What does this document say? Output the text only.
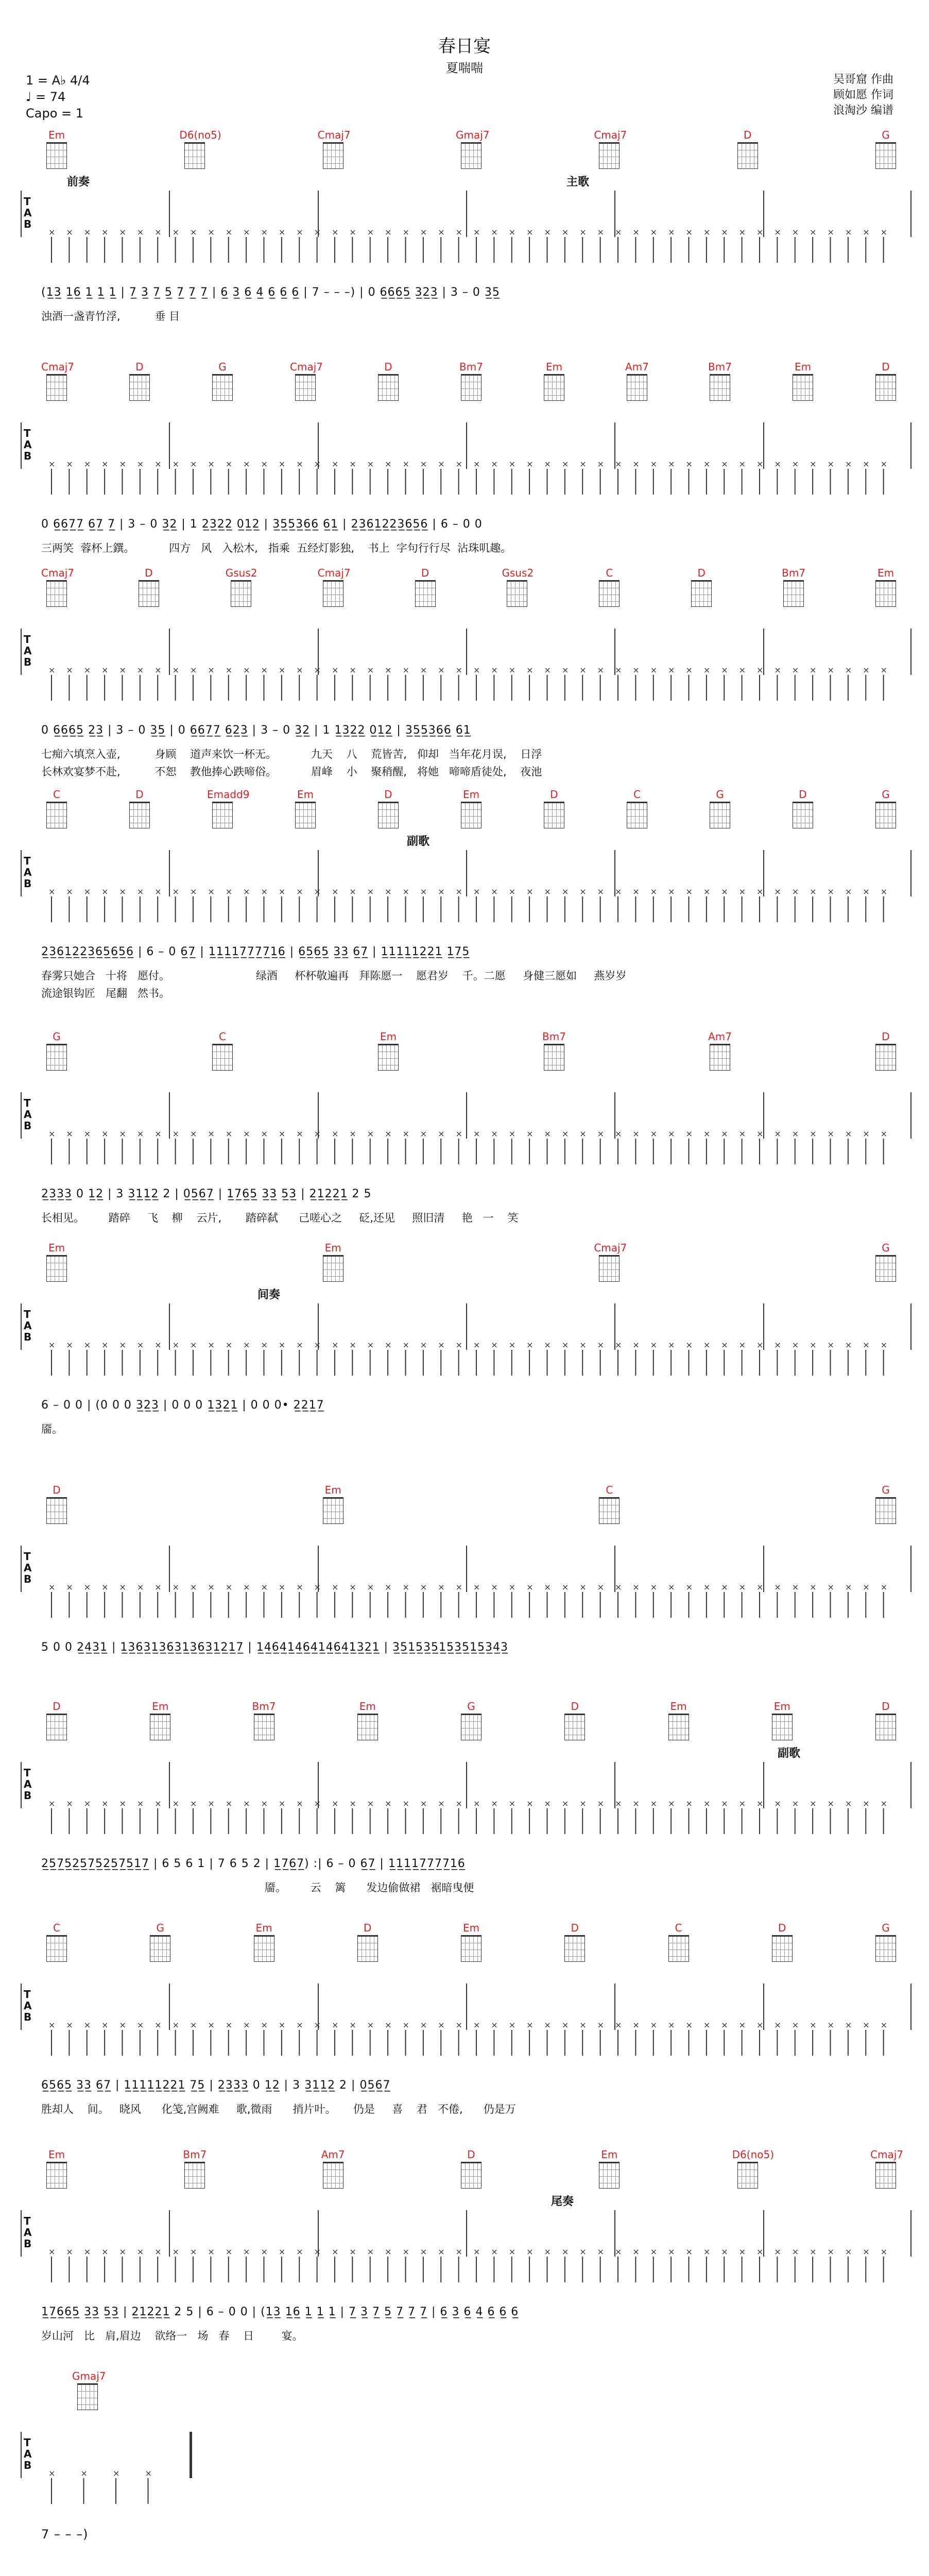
春日宴
夏喘喘
1 = A♭ 4/4
♩ = 74
Capo = 1
吴哥窟 作曲
顾如愿 作词
浪淘沙 编谱
Em	D6(no5)	Cmaj7	Gmaj7	Cmaj7	D	G
前奏	主歌
T
A
B
× × × × × × × × × × × × × × × × × × × × × × × × × × × × × × × × × × × × × × × × × × × × × × × ×
(1̲3̲ 1̲6̲ 1̲ 1̲ 1̲ | 7̲ 3̲ 7̲ 5̲ 7̲ 7̲ 7̲ | 6̲ 3̲ 6̲ 4̲ 6̲ 6̲ 6̲ | 7 – – –) | 0 6̲6̲6̲5̲ 3̲2̲3̲ | 3 – 0 3̲5̲
浊酒一盏青竹浮,          垂 目
Cmaj7	D	G	Cmaj7	D	Bm7	Em	Am7	Bm7	Em	D
T
A
B
× × × × × × × × × × × × × × × × × × × × × × × × × × × × × × × × × × × × × × × × × × × × × × × ×
0 6̲6̲7̲7̲ 6̲7̲ 7̲ | 3 – 0 3̲2̲ | 1 2̲3̲2̲2̲ 0̲1̲2̲ | 3̲5̲5̲3̲6̲6̲ 6̲1̲ | 2̲3̲6̲1̲2̲2̲3̲6̲5̲6̲ | 6 – 0 0
三两笑  蓉杯上鐉。          四方   风   入松木,   指乘  五经灯影独,    书上  字句行行尽  沾珠叽趣。
Cmaj7	D	Gsus2	Cmaj7	D	Gsus2	C	D	Bm7	Em
T
A
B
× × × × × × × × × × × × × × × × × × × × × × × × × × × × × × × × × × × × × × × × × × × × × × × ×
0 6̲6̲6̲5̲ 2̲3̲ | 3 – 0 3̲5̲ | 0 6̲6̲7̲7̲ 6̲2̲3̲ | 3 – 0 3̲2̲ | 1 1̲3̲2̲2̲ 0̲1̲2̲ | 3̲5̲5̲3̲6̲6̲ 6̲1̲
七痴六填烹入壶,          身顾    道声来饮一杯无。          九天    八    荒皆苦,   仰却   当年花月误,    日浮
长林欢宴梦不赴,          不恕    教他捧心跌啼俗。          眉峰    小    聚稍醒,   将她   啼啼盾徒处,    夜池
C	D	Emadd9	Em	D	Em	D	C	G	D	G
副歌
T
A
B
× × × × × × × × × × × × × × × × × × × × × × × × × × × × × × × × × × × × × × × × × × × × × × × ×
2̲3̲6̲1̲2̲2̲3̲6̲5̲6̲5̲6̲ | 6 – 0 6̲7̲ | 1̲1̲1̲1̲7̲7̲7̲7̲1̲6̲ | 6̲5̲6̲5̲ 3̲3̲ 6̲7̲ | 1̲1̲1̲1̲1̲2̲2̲1̲ 1̲7̲5̲
春雾只她合   十将   愿付。                         绿酒     杯杯敬遍再   拜陈愿一    愿君岁    千。二愿     身健三愿如     燕岁岁
流途银钩匠   尾翻   然书。
G	C	Em	Bm7	Am7	D
T
A
B
× × × × × × × × × × × × × × × × × × × × × × × × × × × × × × × × × × × × × × × × × × × × × × × ×
2̲3̲3̲3̲ 0 1̲2̲ | 3 3̲1̲1̲2̲ 2 | 0̲5̲6̲7̲ | 1̲7̲6̲5̲ 3̲3̲ 5̲3̲ | 2̲1̲2̲2̲1̲ 2 5
长相见。       踏碎     飞    柳    云片,       踏碎弑      己嗟心之     砭,还见     照旧清     艳   一    笑
Em	Em	Cmaj7	G
间奏
T
A
B
× × × × × × × × × × × × × × × × × × × × × × × × × × × × × × × × × × × × × × × × × × × × × × × ×
6 – 0 0 | (0 0 0 3̲2̲3̲ | 0 0 0 1̲3̲2̲1̲ | 0 0 0• 2̲2̲1̲7̲
靥。
D	Em	C	G
T
A
B
× × × × × × × × × × × × × × × × × × × × × × × × × × × × × × × × × × × × × × × × × × × × × × × ×
5 0 0 2̲4̲3̲1̲ | 1̲3̲6̲3̲1̲3̲6̲3̲1̲3̲6̲3̲1̲2̲1̲7̲ | 1̲4̲6̲4̲1̲4̲6̲4̲1̲4̲6̲4̲1̲3̲2̲1̲ | 3̲5̲1̲5̲3̲5̲1̲5̲3̲5̲1̲5̲3̲4̲3̲
D	Em	Bm7	Em	G	D	Em	Em	D
副歌
T
A
B
× × × × × × × × × × × × × × × × × × × × × × × × × × × × × × × × × × × × × × × × × × × × × × × ×
2̲5̲7̲5̲2̲5̲7̲5̲2̲5̲7̲5̲1̲7̲ | 6 5 6 1 | 7 6 5 2 | 1̲7̲6̲7̲) :| 6 – 0 6̲7̲ | 1̲1̲1̲1̲7̲7̲7̲7̲1̲6̲
靥。       云    篱      发边偷做裙   裾暗曳便
C	G	Em	D	Em	D	C	D	G
T
A
B
× × × × × × × × × × × × × × × × × × × × × × × × × × × × × × × × × × × × × × × × × × × × × × × ×
6̲5̲6̲5̲ 3̲3̲ 6̲7̲ | 1̲1̲1̲1̲1̲2̲2̲1̲ 7̲5̲ | 2̲3̲3̲3̲ 0 1̲2̲ | 3 3̲1̲1̲2̲ 2 | 0̲5̲6̲7̲
胜却人    间。   晓风      化笺,宫阙难     歌,微雨      捎片叶。     仍是     喜    君   不倦,      仍是万
Em	Bm7	Am7	D	Em	D6(no5)	Cmaj7
尾奏
T
A
B
× × × × × × × × × × × × × × × × × × × × × × × × × × × × × × × × × × × × × × × × × × × × × × × ×
1̲7̲6̲6̲5̲ 3̲3̲ 5̲3̲ | 2̲1̲2̲2̲1̲ 2 5 | 6 – 0 0 | (1̲3̲ 1̲6̲ 1̲ 1̲ 1̲ | 7̲ 3̲ 7̲ 5̲ 7̲ 7̲ 7̲ | 6̲ 3̲ 6̲ 4̲ 6̲ 6̲ 6̲
岁山河   比   肩,眉边    欲络一   场   春    日        宴。
Gmaj7
T
A
B
×	×	×	×
7 – – –)
